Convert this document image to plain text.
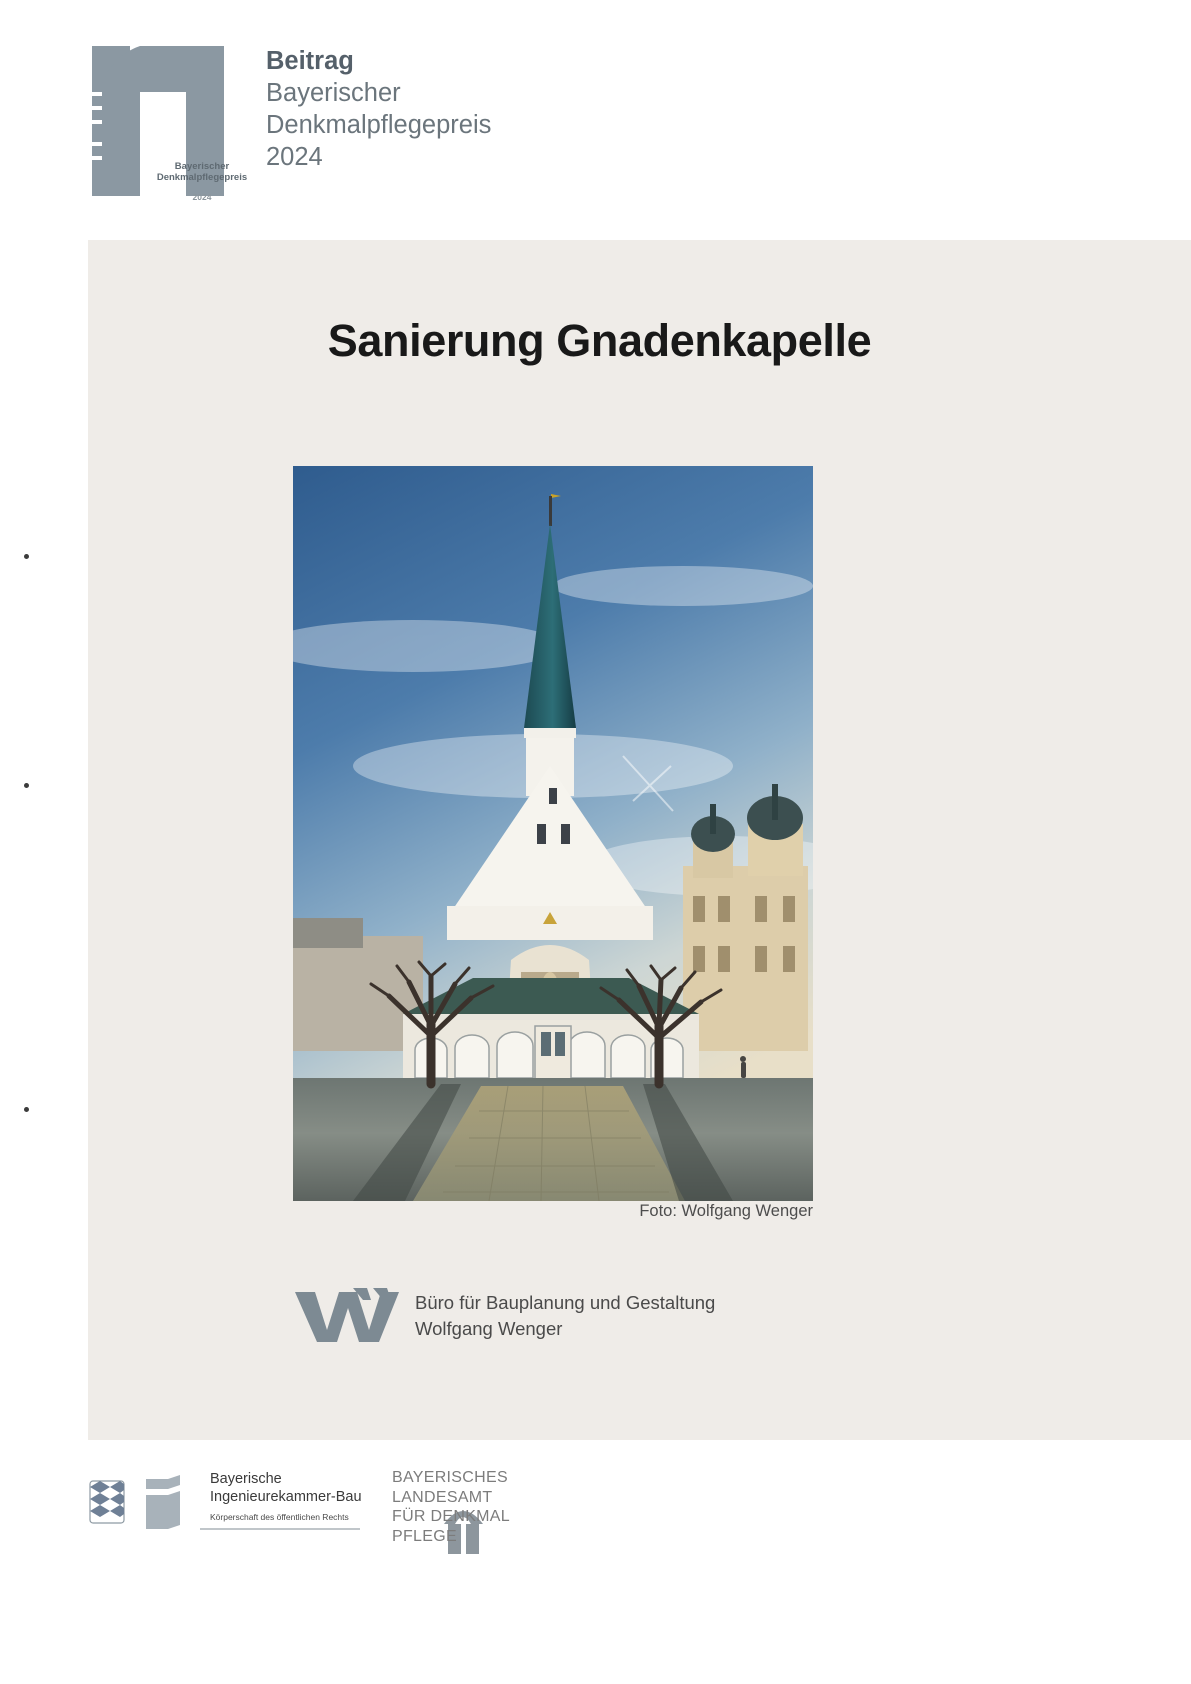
Bayerischer Denkmalpflegepreis
2024
Beitrag
Bayerischer
Denkmalpflegepreis
2024
Sanierung Gnadenkapelle
Foto: Wolfgang Wenger
Büro für Bauplanung und Gestaltung
Wolfgang Wenger
Bayerische
Ingenieurekammer-Bau
Körperschaft des öffentlichen Rechts
BAYERISCHES
LANDESAMT
FÜR DENKMAL
PFLEGE
